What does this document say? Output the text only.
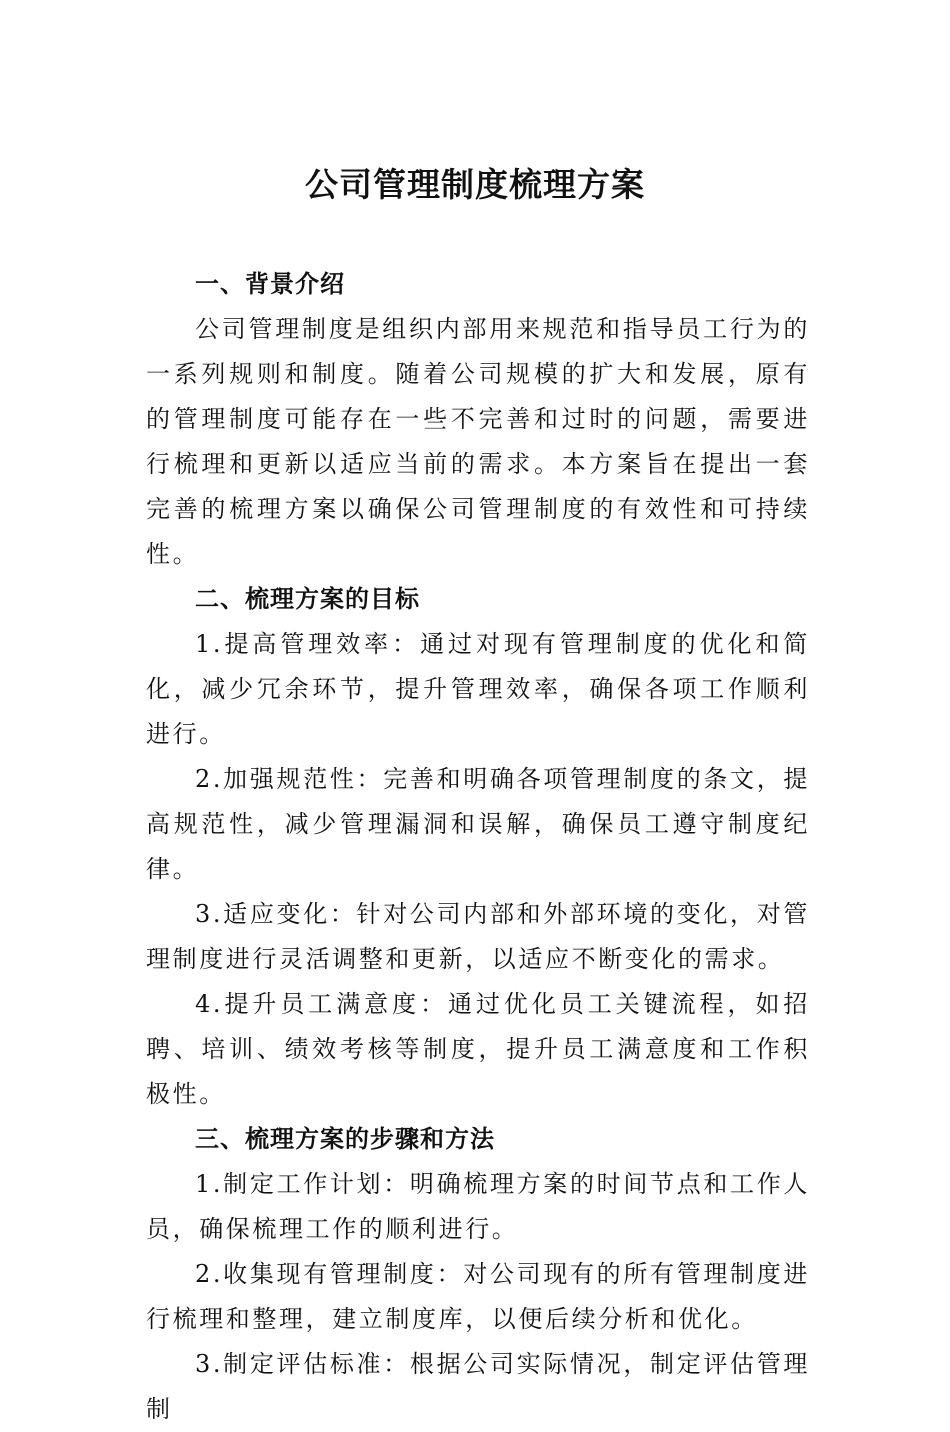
公司管理制度梳理方案
一、背景介绍

公司管理制度是组织内部用来规范和指导员工行为的一系列规则和制度。随着公司规模的扩大和发展，原有的管理制度可能存在一些不完善和过时的问题，需要进行梳理和更新以适应当前的需求。本方案旨在提出一套完善的梳理方案以确保公司管理制度的有效性和可持续性。

二、梳理方案的目标

1.提高管理效率：通过对现有管理制度的优化和简化，减少冗余环节，提升管理效率，确保各项工作顺利进行。

2.加强规范性：完善和明确各项管理制度的条文，提高规范性，减少管理漏洞和误解，确保员工遵守制度纪律。

3.适应变化：针对公司内部和外部环境的变化，对管理制度进行灵活调整和更新，以适应不断变化的需求。

4.提升员工满意度：通过优化员工关键流程，如招聘、培训、绩效考核等制度，提升员工满意度和工作积极性。

三、梳理方案的步骤和方法

1.制定工作计划：明确梳理方案的时间节点和工作人员，确保梳理工作的顺利进行。

2.收集现有管理制度：对公司现有的所有管理制度进行梳理和整理，建立制度库，以便后续分析和优化。

3.制定评估标准：根据公司实际情况，制定评估管理制
